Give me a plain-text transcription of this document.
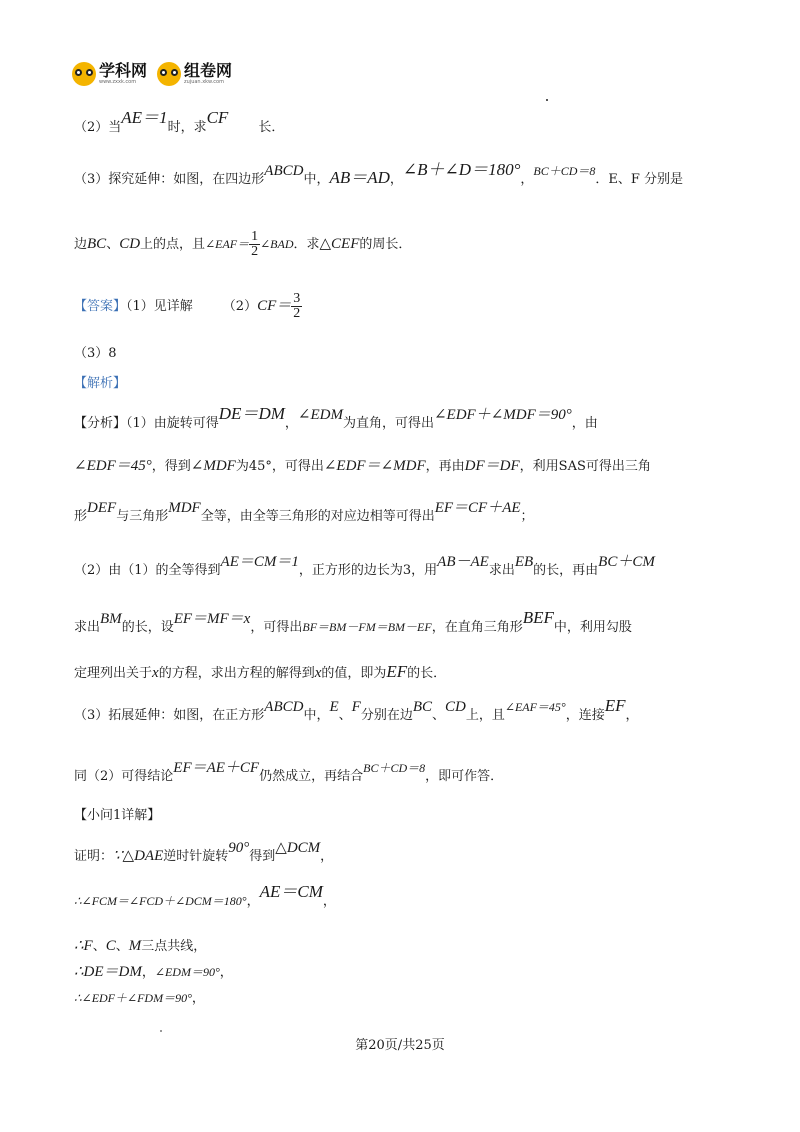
学科网
www.zxxk.com
组卷网
zujuan.xkw.com
（2）当AE＝1时，求CF长．
（3）探究延伸：如图，在四边形ABCD中，AB＝AD，∠B＋∠D＝180°，BC＋CD＝8．E、F 分别是
边BC、CD上的点，且∠EAF＝ $\frac{1}{2}$ ∠BAD．求△CEF的周长．
【答案】（1）见详解 $(2)CF= \frac{3}{2}$
（3）8
【解析】
【分析】（1）由旋转可得DE＝DM，∠EDM为直角，可得出∠EDF＋∠MDF＝90°，由
∠EDF＝45°，得到∠MDF为45°，可得出∠EDF＝∠MDF，再由DF＝DF，利用SAS可得出三角
形DEF与三角形MDF全等，由全等三角形的对应边相等可得出EF＝CF＋AE；
（2）由（1）的全等得到AE＝CM＝1，正方形的边长为3，用AB－AE求出EB的长，再由BC＋CM
求出BM的长，设EF＝MF＝x，可得出BF＝BM－FM＝BM－EF，在直角三角形BEF中，利用勾股
定理列出关于x的方程，求出方程的解得到x的值，即为EF的长．
（3）拓展延伸：如图，在正方形ABCD中，E、F分别在边BC、CD上，且∠EAF＝45°，连接EF，
同（2）可得结论EF＝AE＋CF仍然成立，再结合BC＋CD＝8，即可作答．
【小问1详解】
证明：∵△DAE逆时针旋转90°得到△DCM，
∴∠FCM＝∠FCD＋∠DCM＝180°，AE＝CM，
∴F、C、M三点共线，
∴DE＝DM，∠EDM＝90°，
∴∠EDF＋∠FDM＝90°，
第20页/共25页
